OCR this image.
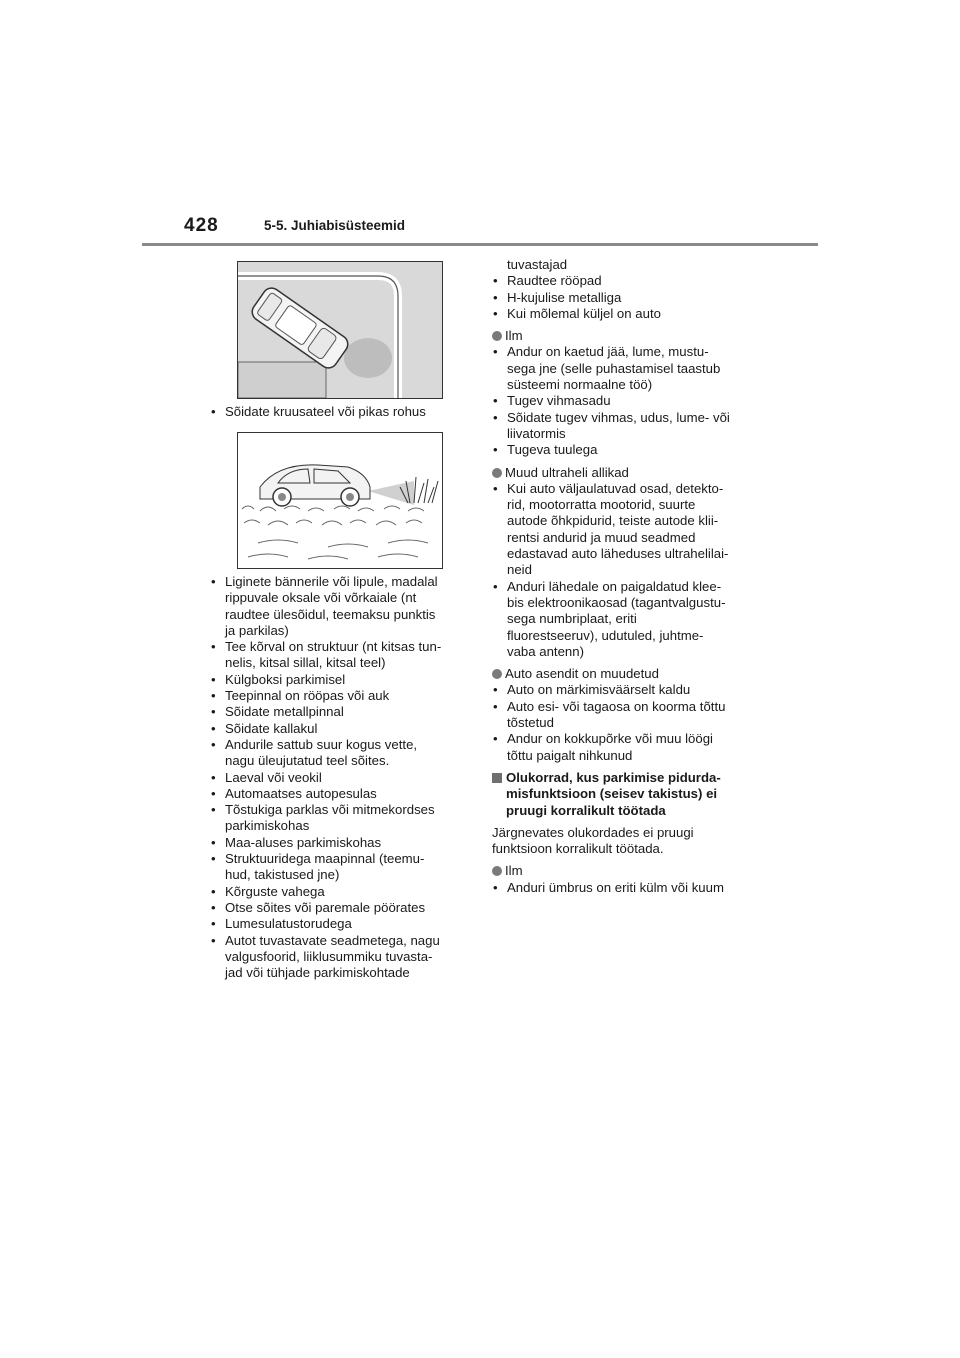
428	5-5. Juhiabisüsteemid
• Sõidate kruusateel või pikas rohus
• Liginete bännerile või lipule, madalal
rippuvale oksale või võrkaiale (nt
raudtee ülesõidul, teemaksu punktis
ja parkilas)
• Tee kõrval on struktuur (nt kitsas tun-
nelis, kitsal sillal, kitsal teel)
• Külgboksi parkimisel
• Teepinnal on rööpas või auk
• Sõidate metallpinnal
• Sõidate kallakul
• Andurile sattub suur kogus vette,
nagu üleujutatud teel sõites.
• Laeval või veokil
• Automaatses autopesulas
• Tõstukiga parklas või mitmekordses
parkimiskohas
• Maa-aluses parkimiskohas
• Struktuuridega maapinnal (teemu-
hud, takistused jne)
• Kõrguste vahega
• Otse sõites või paremale pöörates
• Lumesulatustorudega
• Autot tuvastavate seadmetega, nagu
valgusfoorid, liiklusummiku tuvasta-
jad või tühjade parkimiskohtade
tuvastajad
• Raudtee rööpad
• H-kujulise metalliga
• Kui mõlemal küljel on auto
Ilm
• Andur on kaetud jää, lume, mustu-
sega jne (selle puhastamisel taastub
süsteemi normaalne töö)
• Tugev vihmasadu
• Sõidate tugev vihmas, udus, lume- või
liivatormis
• Tugeva tuulega
Muud ultraheli allikad
• Kui auto väljaulatuvad osad, detekto-
rid, mootorratta mootorid, suurte
autode õhkpidurid, teiste autode klii-
rentsi andurid ja muud seadmed
edastavad auto läheduses ultrahelilai-
neid
• Anduri lähedale on paigaldatud klee-
bis elektroonikaosad (tagantvalgustu-
sega numbriplaat, eriti
fluorestseeruv), udutuled, juhtme-
vaba antenn)
Auto asendit on muudetud
• Auto on märkimisväärselt kaldu
• Auto esi- või tagaosa on koorma tõttu
tõstetud
• Andur on kokkupõrke või muu löögi
tõttu paigalt nihkunud
Olukorrad, kus parkimise pidurda-
misfunktsioon (seisev takistus) ei
pruugi korralikult töötada
Järgnevates olukordades ei pruugi
funktsioon korralikult töötada.
Ilm
• Anduri ümbrus on eriti külm või kuum
